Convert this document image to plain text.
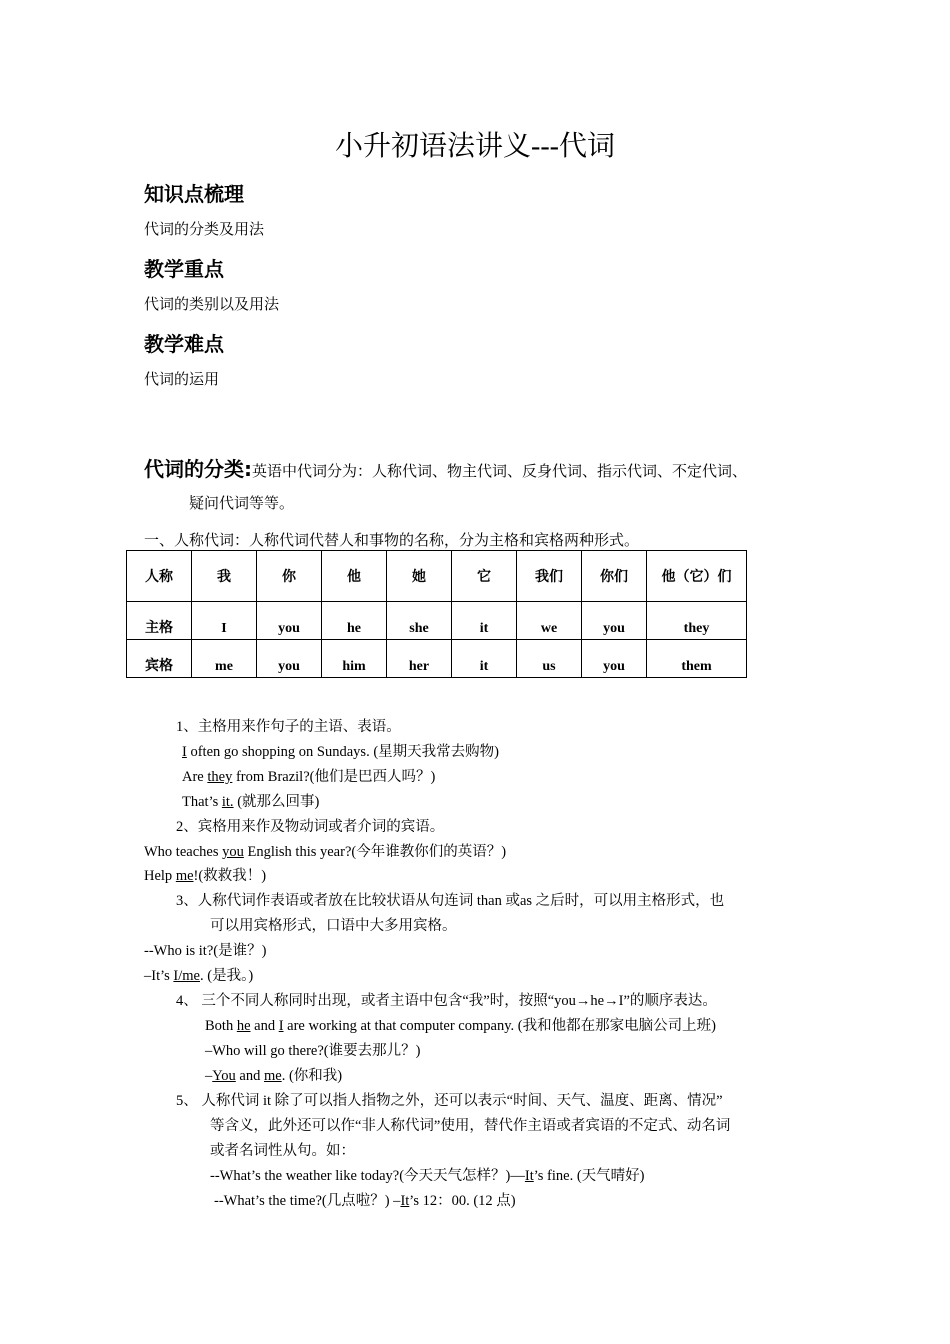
小升初语法讲义---代词
知识点梳理
代词的分类及用法
教学重点
代词的类别以及用法
教学难点
代词的运用
代词的分类:英语中代词分为：人称代词、物主代词、反身代词、指示代词、不定代词、
疑问代词等等。
一、人称代词：人称代词代替人和事物的名称，分为主格和宾格两种形式。
人称	我	你	他	她	它	我们	你们	他（它）们
主格	I	you	he	she	it	we	you	they
宾格	me	you	him	her	it	us	you	them
1、主格用来作句子的主语、表语。
I often go shopping on Sundays. (星期天我常去购物)
Are they from Brazil?(他们是巴西人吗？)
That’s it. (就那么回事)
2、宾格用来作及物动词或者介词的宾语。
Who teaches you English this year?(今年谁教你们的英语？)
Help me!(救救我！)
3、人称代词作表语或者放在比较状语从句连词 than 或as 之后时，可以用主格形式，也
可以用宾格形式，口语中大多用宾格。
--Who is it?(是谁？)
–It’s I/me. (是我。)
4、 三个不同人称同时出现，或者主语中包含“我”时，按照“you→he→I”的顺序表达。
Both he and I are working at that computer company. (我和他都在那家电脑公司上班)
–Who will go there?(谁要去那儿？)
–You and me. (你和我)
5、 人称代词 it 除了可以指人指物之外，还可以表示“时间、天气、温度、距离、情况”
等含义，此外还可以作“非人称代词”使用，替代作主语或者宾语的不定式、动名词
或者名词性从句。如：
--What’s the weather like today?(今天天气怎样？)—It’s fine. (天气晴好)
--What’s the time?(几点啦？) –It’s 12：00. (12 点)
